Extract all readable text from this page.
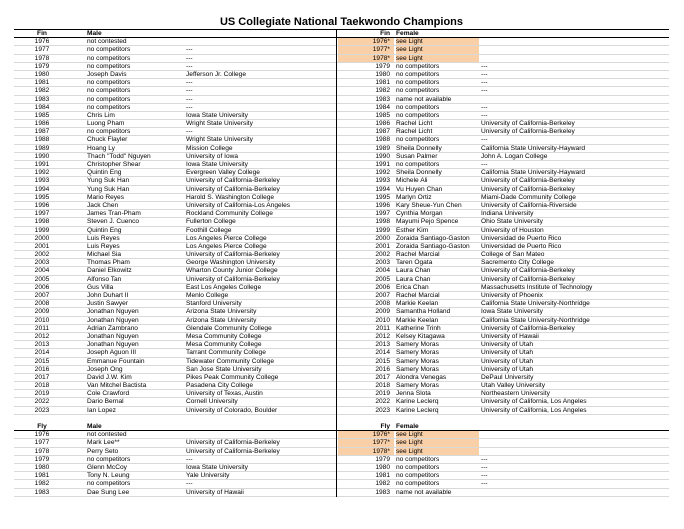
US Collegiate National Taekwondo Champions
Fin	Male	Fin Female
1976	not contested	1976* see Light
1977	no competitors	---	1977* see Light
1978	no competitors	---	1978* see Light
1979	no competitors	---	1979 no competitors	---
1980	Joseph Davis	Jefferson Jr. College	1980 no competitors	---
1981	no competitors	---	1981 no competitors	---
1982	no competitors	---	1982 no competitors	---
1983	no competitors	---	1983 name not available
1984	no competitors	---	1984 no competitors	---
1985	Chris Lim	Iowa State University	1985 no competitors	---
1986	Luong Pham	Wright State University	1986 Rachel Licht	University of California-Berkeley
1987	no competitors	---	1987 Rachel Licht	University of California-Berkeley
1988	Chuck Flayler	Wright State University	1988 no competitors	---
1989	Hoang Ly	Mission College	1989 Sheila Donnelly	California State University-Hayward
1990	Thach "Todd" Nguyen	University of Iowa	1990 Susan Palmer	John A. Logan College
1991	Christopher Shear	Iowa State University	1991 no competitors	---
1992	Quintin Eng	Evergreen Valley College	1992 Sheila Donnelly	California State University-Hayward
1993	Yung Suk Han	University of California-Berkeley	1993 Michele Ali	University of California-Berkeley
1994	Yung Suk Han	University of California-Berkeley	1994 Vu Huyen Chan	University of California-Berkeley
1995	Mario Reyes	Harold S. Washington College	1995 Marlyn Ortiz	Miami-Dade Community College
1996	Jack Chen	University of California-Los Angeles	1996 Kary Sheue-Yun Chen	University of California-Riverside
1997	James Tran-Pham	Rockland Community College	1997 Cynthia Morgan	Indiana University
1998	Steven J. Cuenco	Fullerton College	1998 Mayumi Pejo Spence	Ohio State University
1999	Quintin Eng	Foothill College	1999 Esther Kim	University of Houston
2000	Luis Reyes	Los Angeles Pierce College	2000 Zoraida Santiago-Gaston	Universidad de Puerto Rico
2001	Luis Reyes	Los Angeles Pierce College	2001 Zoraida Santiago-Gaston	Universidad de Puerto Rico
2002	Michael Sia	University of California-Berkeley	2002 Rachel Marcial	College of San Mateo
2003	Thomas Pham	George Washington University	2003 Taren Ogata	Sacremento City College
2004	Daniel Elkowitz	Wharton County Junior College	2004 Laura Chan	University of California-Berkeley
2005	Alfonso Tan	University of California-Berkeley	2005 Laura Chan	University of California-Berkeley
2006	Gus Villa	East Los Angeles College	2006 Erica Chan	Massachusetts Institute of Technology
2007	John Duhart II	Menlo College	2007 Rachel Marcial	University of Phoenix
2008	Justin Sawyer	Stanford University	2008 Markie Keelan	California State University-Northridge
2009	Jonathan Nguyen	Arizona State University	2009 Samantha Holland	Iowa State University
2010	Jonathan Nguyen	Arizona State University	2010 Markie Keelan	California State University-Northridge
2011	Adrian Zambrano	Glendale Community College	2011 Katherine Trinh	University of California-Berkeley
2012	Jonathan Nguyen	Mesa Community College	2012 Kelsey Kitagawa	University of Hawaii
2013	Jonathan Nguyen	Mesa Community College	2013 Samery Moras	University of Utah
2014	Joseph Aguon III	Tarrant Community College	2014 Samery Moras	University of Utah
2015	Emmanue Fountain	Tidewater Community College	2015 Samery Moras	University of Utah
2016	Joseph Ong	San Jose State University	2016 Samery Moras	University of Utah
2017	David J.W. Kim	Pikes Peak Community College	2017 Alondra Venegas	DePaul University
2018	Van Mitchel Bactista	Pasadena City College	2018 Samery Moras	Utah Valley University
2019	Cole Crawford	University of Texas, Austin	2019 Jenna Slota	Northeastern University
2022	Dario Bernal	Cornell University	2022 Karine Leclerq	University of California, Los Angeles
2023	Ian Lopez	University of Colorado, Boulder	2023 Karine Leclerq	University of California, Los Angeles
Fly	Male	Fly Female
1976	not contested	1976* see Light
1977	Mark Lee**	University of California-Berkeley	1977* see Light
1978	Perry Seto	University of California-Berkeley	1978* see Light
1979	no competitors	---	1979 no competitors	---
1980	Glenn McCoy	Iowa State University	1980 no competitors	---
1981	Tony N. Leung	Yale University	1981 no competitors	---
1982	no competitors	---	1982 no competitors	---
1983	Dae Sung Lee	University of Hawaii	1983 name not available
